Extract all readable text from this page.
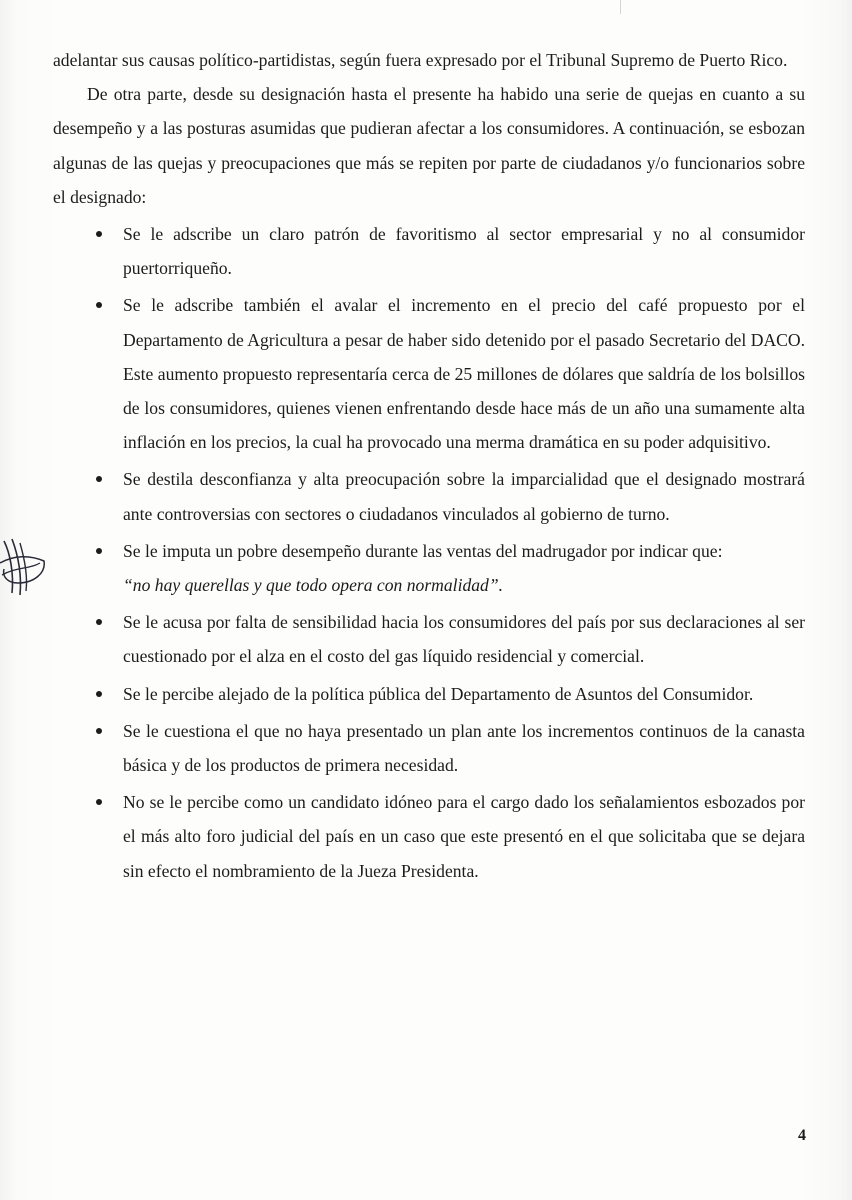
adelantar sus causas político-partidistas, según fuera expresado por el Tribunal Supremo de Puerto Rico.

De otra parte, desde su designación hasta el presente ha habido una serie de quejas en cuanto a su desempeño y a las posturas asumidas que pudieran afectar a los consumidores. A continuación, se esbozan algunas de las quejas y preocupaciones que más se repiten por parte de ciudadanos y/o funcionarios sobre el designado:

Se le adscribe un claro patrón de favoritismo al sector empresarial y no al consumidor puertorriqueño.
Se le adscribe también el avalar el incremento en el precio del café propuesto por el Departamento de Agricultura a pesar de haber sido detenido por el pasado Secretario del DACO. Este aumento propuesto representaría cerca de 25 millones de dólares que saldría de los bolsillos de los consumidores, quienes vienen enfrentando desde hace más de un año una sumamente alta inflación en los precios, la cual ha provocado una merma dramática en su poder adquisitivo.
Se destila desconfianza y alta preocupación sobre la imparcialidad que el designado mostrará ante controversias con sectores o ciudadanos vinculados al gobierno de turno.
Se le imputa un pobre desempeño durante las ventas del madrugador por indicar que:
“no hay querellas y que todo opera con normalidad”.
Se le acusa por falta de sensibilidad hacia los consumidores del país por sus declaraciones al ser cuestionado por el alza en el costo del gas líquido residencial y comercial.
Se le percibe alejado de la política pública del Departamento de Asuntos del Consumidor.
Se le cuestiona el que no haya presentado un plan ante los incrementos continuos de la canasta básica y de los productos de primera necesidad.
No se le percibe como un candidato idóneo para el cargo dado los señalamientos esbozados por el más alto foro judicial del país en un caso que este presentó en el que solicitaba que se dejara sin efecto el nombramiento de la Jueza Presidenta.
4
